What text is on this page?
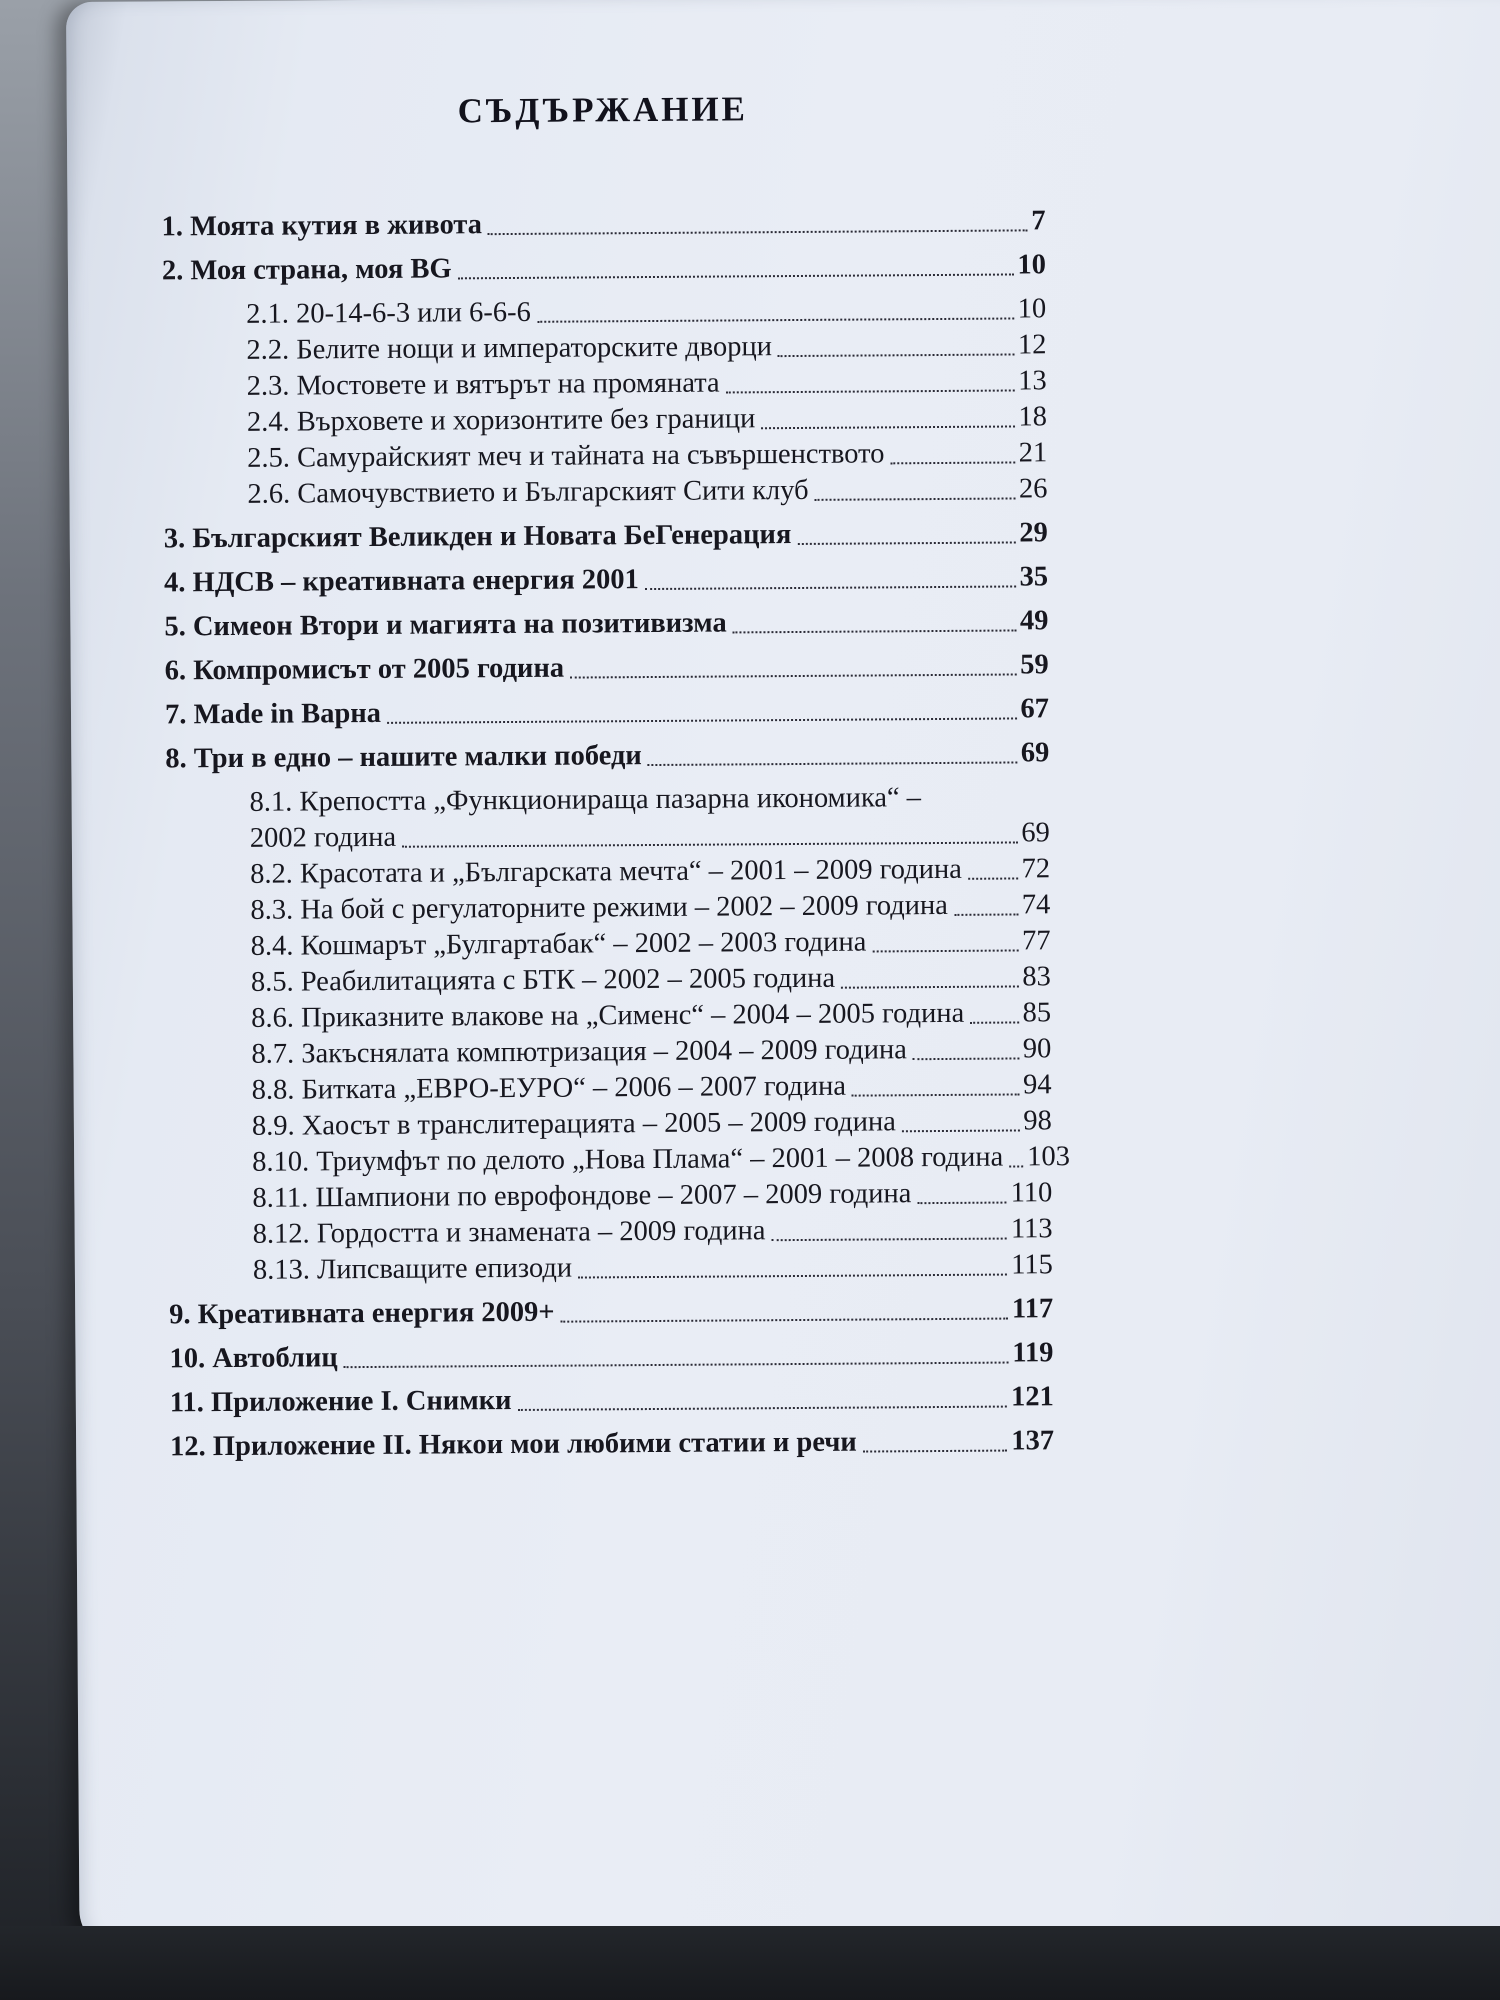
СЪДЪРЖАНИЕ
1. Моята кутия в живота	7
2. Моя страна, моя BG	10
2.1. 20-14-6-3 или 6-6-6	10
2.2. Белите нощи и императорските дворци	12
2.3. Мостовете и вятърът на промяната	13
2.4. Върховете и хоризонтите без граници	18
2.5. Самурайският меч и тайната на съвършенството	21
2.6. Самочувствието и Българският Сити клуб	26
3. Българският Великден и Новата БеГенерация	29
4. НДСВ – креативната енергия 2001	35
5. Симеон Втори и магията на позитивизма	49
6. Компромисът от 2005 година	59
7. Made in Варна	67
8. Три в едно – нашите малки победи	69
8.1. Крепостта „Функционираща пазарна икономика“ –
2002 година	69
8.2. Красотата и „Българската мечта“ – 2001 – 2009 година 72
8.3. На бой с регулаторните режими – 2002 – 2009 година	74
8.4. Кошмарът „Булгартабак“ – 2002 – 2003 година	77
8.5. Реабилитацията с БТК – 2002 – 2005 година	83
8.6. Приказните влакове на „Сименс“ – 2004 – 2005 година 85
8.7. Закъснялата компютризация – 2004 – 2009 година	90
8.8. Битката „ЕВРО-ЕУРО“ – 2006 – 2007 година	94
8.9. Хаосът в транслитерацията – 2005 – 2009 година	98
8.10. Триумфът по делото „Нова Плама“ – 2001 – 2008 година 103
8.11. Шампиони по еврофондове – 2007 – 2009 година	110
8.12. Гордостта и знамената – 2009 година	113
8.13. Липсващите епизоди	115
9. Креативната енергия 2009+	117
10. Автоблиц	119
11. Приложение I. Снимки	121
12. Приложение II. Някои мои любими статии и речи	137
